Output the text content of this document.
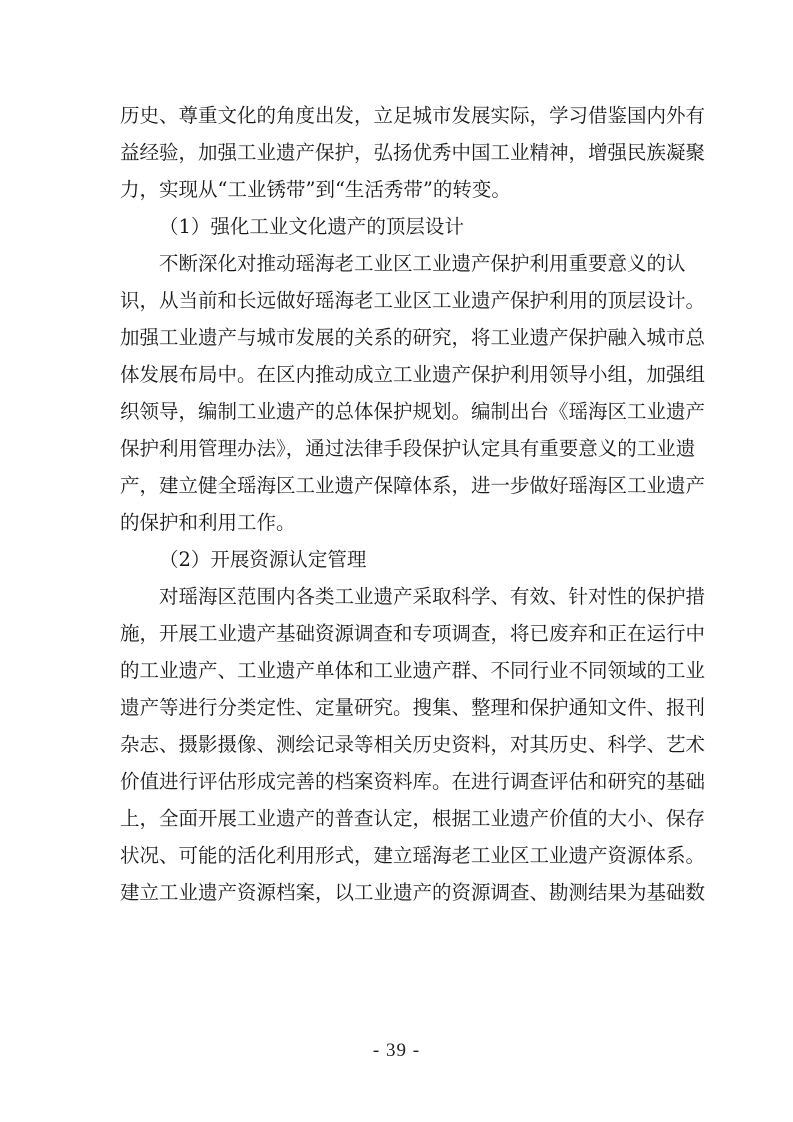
历史、尊重文化的角度出发，立足城市发展实际，学习借鉴国内外有
益经验，加强工业遗产保护，弘扬优秀中国工业精神，增强民族凝聚
力，实现从“工业锈带”到“生活秀带”的转变。
（1）强化工业文化遗产的顶层设计
不断深化对推动瑶海老工业区工业遗产保护利用重要意义的认
识，从当前和长远做好瑶海老工业区工业遗产保护利用的顶层设计。
加强工业遗产与城市发展的关系的研究，将工业遗产保护融入城市总
体发展布局中。在区内推动成立工业遗产保护利用领导小组，加强组
织领导，编制工业遗产的总体保护规划。编制出台《瑶海区工业遗产
保护利用管理办法》，通过法律手段保护认定具有重要意义的工业遗
产，建立健全瑶海区工业遗产保障体系，进一步做好瑶海区工业遗产
的保护和利用工作。
（2）开展资源认定管理
对瑶海区范围内各类工业遗产采取科学、有效、针对性的保护措
施，开展工业遗产基础资源调查和专项调查，将已废弃和正在运行中
的工业遗产、工业遗产单体和工业遗产群、不同行业不同领域的工业
遗产等进行分类定性、定量研究。搜集、整理和保护通知文件、报刊
杂志、摄影摄像、测绘记录等相关历史资料，对其历史、科学、艺术
价值进行评估形成完善的档案资料库。在进行调查评估和研究的基础
上，全面开展工业遗产的普查认定，根据工业遗产价值的大小、保存
状况、可能的活化利用形式，建立瑶海老工业区工业遗产资源体系。
建立工业遗产资源档案，以工业遗产的资源调查、勘测结果为基础数
- 39 -
